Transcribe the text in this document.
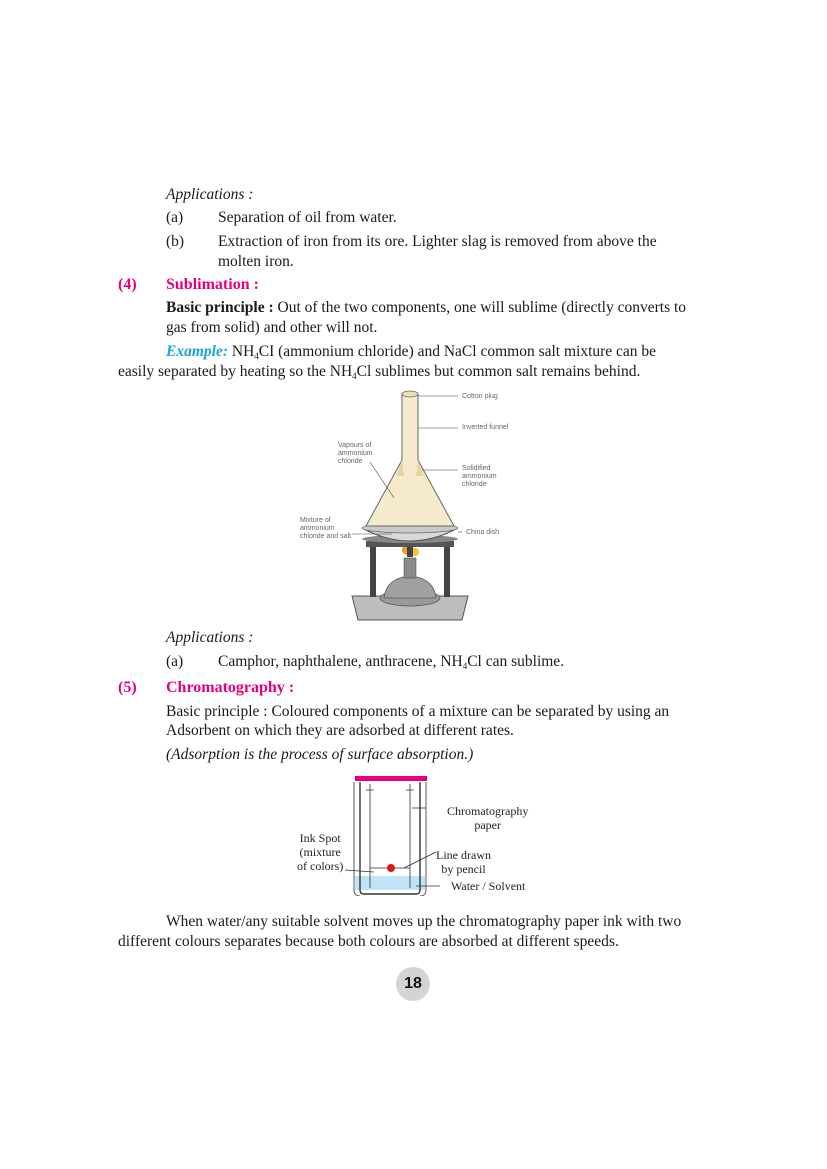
Applications :
(a) Separation of oil from water.
(b) Extraction of iron from its ore. Lighter slag is removed from above the
molten iron.
(4) Sublimation :
Basic principle : Out of the two components, one will sublime (directly converts to
gas from solid) and other will not.
Example: $NH_4CI$ (ammonium chloride) and NaCl common salt mixture can be
easily separated by heating so the $NH_4Cl$ sublimes but common salt remains behind.
Cotton plug
Inverted funnel
Vapours of
ammonium
chloride
Solidified
ammonium
chloride
Mixture of
ammonium
chloride and salt
China dish
Applications :
(a) Camphor, naphthalene, anthracene, $NH_4Cl$ can sublime.
(5) Chromatography :
Basic principle : Coloured components of a mixture can be separated by using an
Adsorbent on which they are adsorbed at different rates.
(Adsorption is the process of surface absorption.)
Chromatography
paper
Ink Spot
(mixture
of colors)
Line drawn
by pencil
Water / Solvent
When water/any suitable solvent moves up the chromatography paper ink with two
different colours separates because both colours are absorbed at different speeds.
18
